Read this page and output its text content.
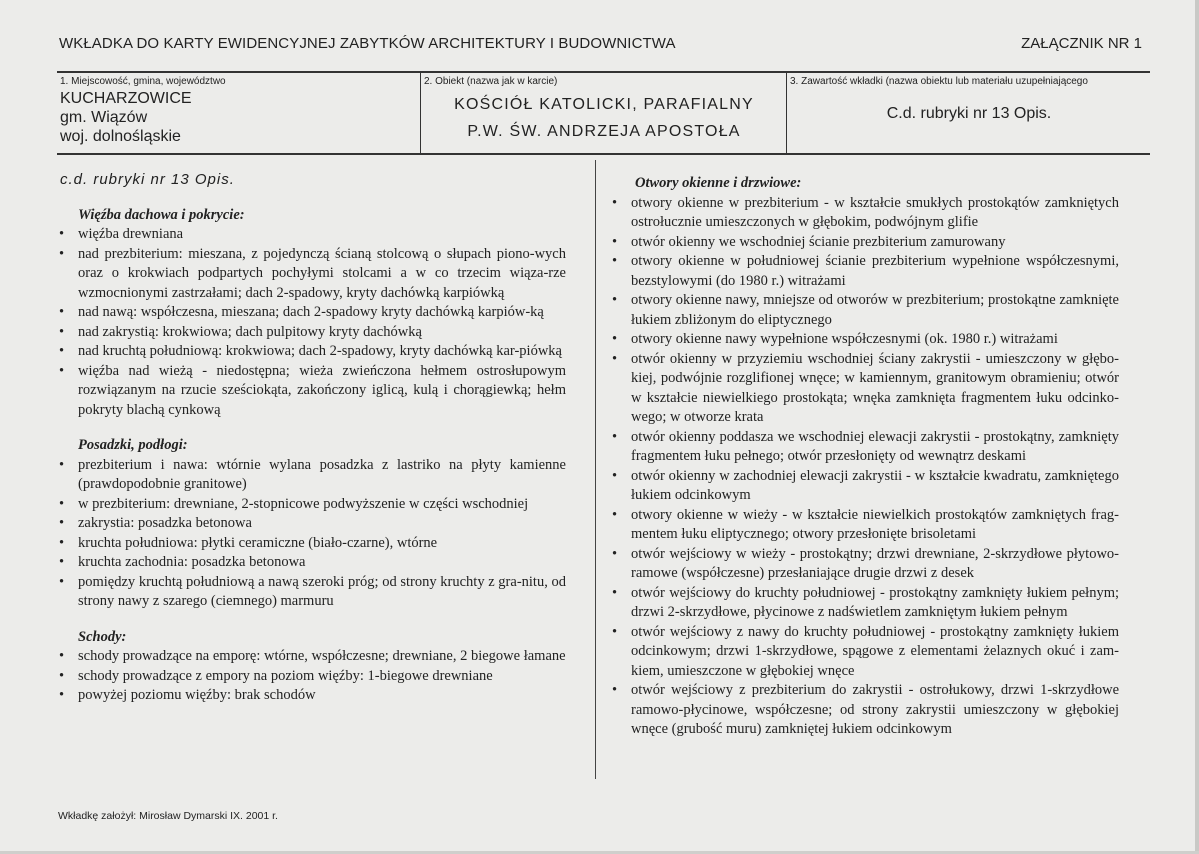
WKŁADKA DO KARTY EWIDENCYJNEJ ZABYTKÓW ARCHITEKTURY I BUDOWNICTWA	ZAŁĄCZNIK NR 1
1. Miejscowość, gmina, województwo
KUCHARZOWICE
gm. Wiązów
woj. dolnośląskie
2. Obiekt (nazwa jak w karcie)
KOŚCIÓŁ KATOLICKI, PARAFIALNY
P.W. ŚW. ANDRZEJA APOSTOŁA
3. Zawartość wkładki (nazwa obiektu lub materiału uzupełniającego
C.d. rubryki nr 13 Opis.
c.d. rubryki nr 13 Opis.
Więźba dachowa i pokrycie:
• więźba drewniana
• nad prezbiterium: mieszana, z pojedynczą ścianą stolcową o słupach piono-wych oraz o krokwiach podpartych pochyłymi stolcami a w co trzecim wiąza-rze wzmocnionymi zastrzałami; dach 2-spadowy, kryty dachówką karpiówką
• nad nawą: współczesna, mieszana; dach 2-spadowy kryty dachówką karpiów-ką
• nad zakrystią: krokwiowa; dach pulpitowy kryty dachówką
• nad kruchtą południową: krokwiowa; dach 2-spadowy, kryty dachówką kar-piówką
• więźba nad wieżą - niedostępna; wieża zwieńczona hełmem ostrosłupowym rozwiązanym na rzucie sześciokąta, zakończony iglicą, kulą i chorągiewką; hełm pokryty blachą cynkową
Posadzki, podłogi:
• prezbiterium i nawa: wtórnie wylana posadzka z lastriko na płyty kamienne (prawdopodobnie granitowe)
• w prezbiterium: drewniane, 2-stopnicowe podwyższenie w części wschodniej
• zakrystia: posadzka betonowa
• kruchta południowa: płytki ceramiczne (biało-czarne), wtórne
• kruchta zachodnia: posadzka betonowa
• pomiędzy kruchtą południową a nawą szeroki próg; od strony kruchty z gra-nitu, od strony nawy z szarego (ciemnego) marmuru
Schody:
• schody prowadzące na emporę: wtórne, współczesne; drewniane, 2 biegowe łamane
• schody prowadzące z empory na poziom więźby: 1-biegowe drewniane
• powyżej poziomu więźby: brak schodów
Otwory okienne i drzwiowe:
• otwory okienne w prezbiterium - w kształcie smukłych prostokątów zamkniętych ostrołucznie umieszczonych w głębokim, podwójnym glifie
• otwór okienny we wschodniej ścianie prezbiterium zamurowany
• otwory okienne w południowej ścianie prezbiterium wypełnione współczesnymi, bezstylowymi (do 1980 r.) witrażami
• otwory okienne nawy, mniejsze od otworów w prezbiterium; prostokątne zamknięte łukiem zbliżonym do eliptycznego
• otwory okienne nawy wypełnione współczesnymi (ok. 1980 r.) witrażami
• otwór okienny w przyziemiu wschodniej ściany zakrystii - umieszczony w głębo-kiej, podwójnie rozglifionej wnęce; w kamiennym, granitowym obramieniu; otwór w kształcie niewielkiego prostokąta; wnęka zamknięta fragmentem łuku odcinko-wego; w otworze krata
• otwór okienny poddasza we wschodniej elewacji zakrystii - prostokątny, zamknięty fragmentem łuku pełnego; otwór przesłonięty od wewnątrz deskami
• otwór okienny w zachodniej elewacji zakrystii - w kształcie kwadratu, zamkniętego łukiem odcinkowym
• otwory okienne w wieży - w kształcie niewielkich prostokątów zamkniętych frag-mentem łuku eliptycznego; otwory przesłonięte brisoletami
• otwór wejściowy w wieży - prostokątny; drzwi drewniane, 2-skrzydłowe płytowo-ramowe (współczesne) przesłaniające drugie drzwi z desek
• otwór wejściowy do kruchty południowej - prostokątny zamknięty łukiem pełnym; drzwi 2-skrzydłowe, płycinowe z nadświetlem zamkniętym łukiem pełnym
• otwór wejściowy z nawy do kruchty południowej - prostokątny zamknięty łukiem odcinkowym; drzwi 1-skrzydłowe, spągowe z elementami żelaznych okuć i zam-kiem, umieszczone w głębokiej wnęce
• otwór wejściowy z prezbiterium do zakrystii - ostrołukowy, drzwi 1-skrzydłowe ramowo-płycinowe, współczesne; od strony zakrystii umieszczony w głębokiej wnęce (grubość muru) zamkniętej łukiem odcinkowym
Wkładkę założył: Mirosław Dymarski IX. 2001 r.
